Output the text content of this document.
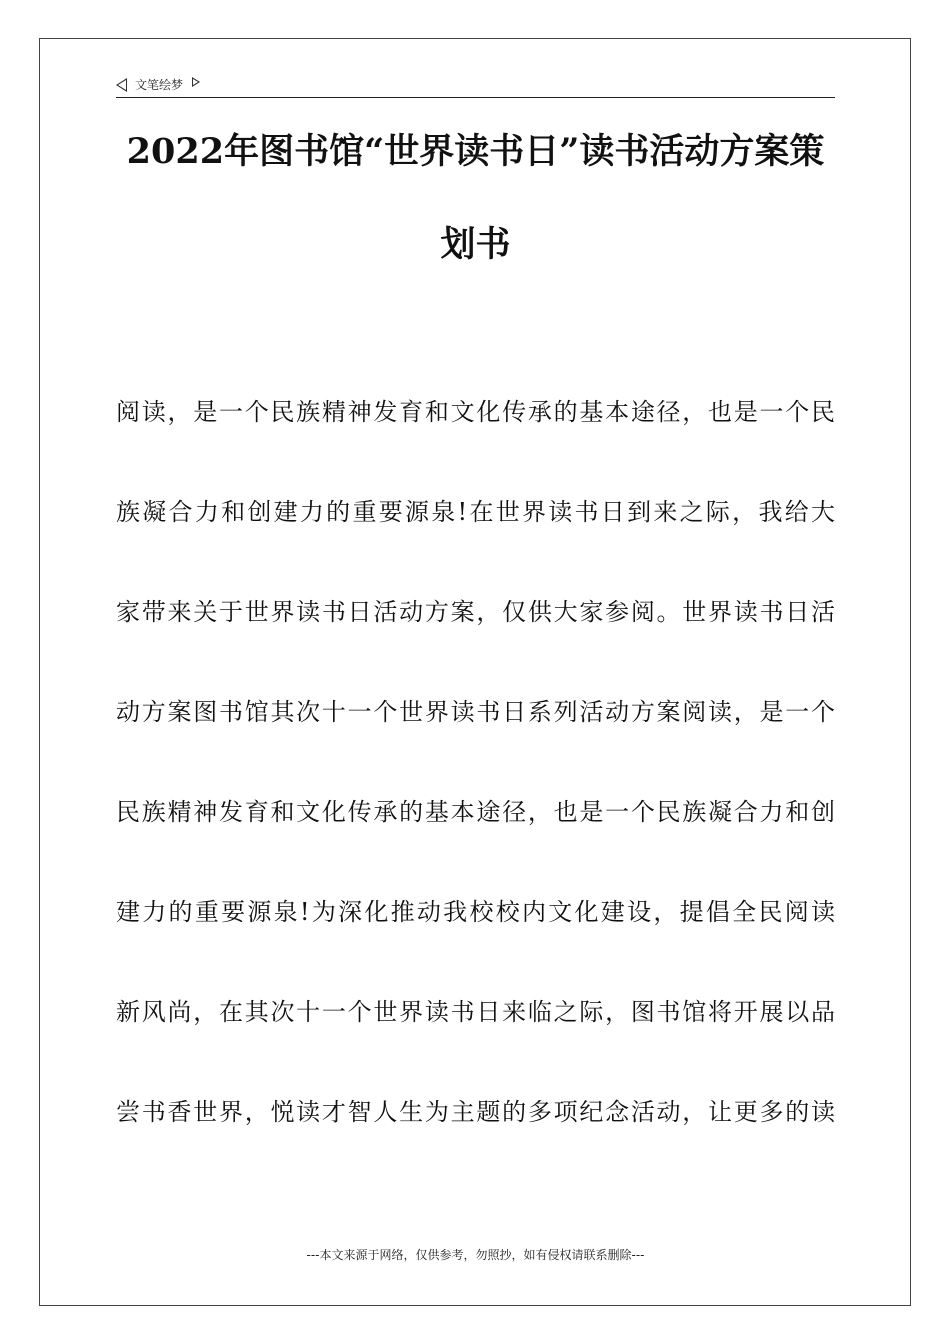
文笔绘梦
2022年图书馆“世界读书日”读书活动方案策
划书
阅读，是一个民族精神发育和文化传承的基本途径，也是一个民
族凝合力和创建力的重要源泉!在世界读书日到来之际，我给大
家带来关于世界读书日活动方案，仅供大家参阅。世界读书日活
动方案图书馆其次十一个世界读书日系列活动方案阅读，是一个
民族精神发育和文化传承的基本途径，也是一个民族凝合力和创
建力的重要源泉!为深化推动我校校内文化建设，提倡全民阅读
新风尚，在其次十一个世界读书日来临之际，图书馆将开展以品
尝书香世界，悦读才智人生为主题的多项纪念活动，让更多的读
---本文来源于网络，仅供参考，勿照抄，如有侵权请联系删除---
